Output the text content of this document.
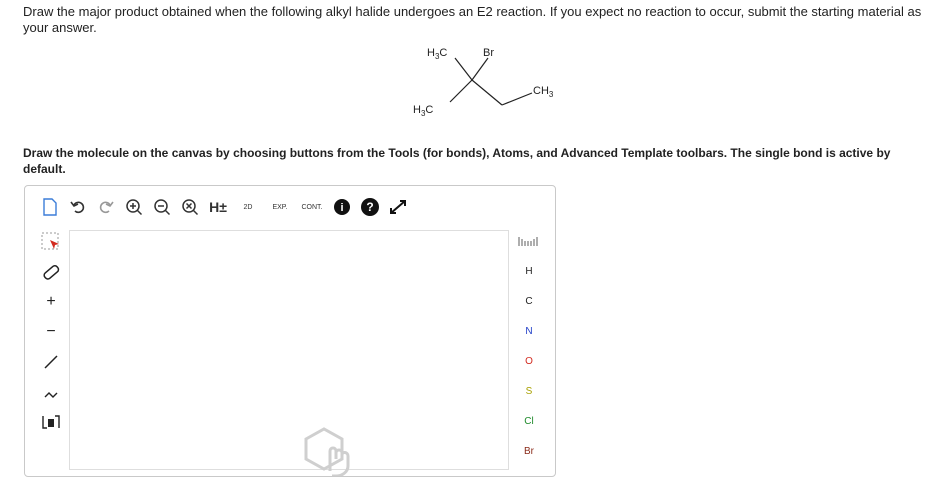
Draw the major product obtained when the following alkyl halide undergoes an E2 reaction. If you expect no reaction to occur, submit the starting material as your answer.
$H_3C$	Br
$CH_3$
$H_3C$
Draw the molecule on the canvas by choosing buttons from the Tools (for bonds), Atoms, and Advanced Template toolbars. The single bond is active by default.
H±	2D	EXP.	CONT. i ?
+
−
H
C
N
O
S
Cl
Br
